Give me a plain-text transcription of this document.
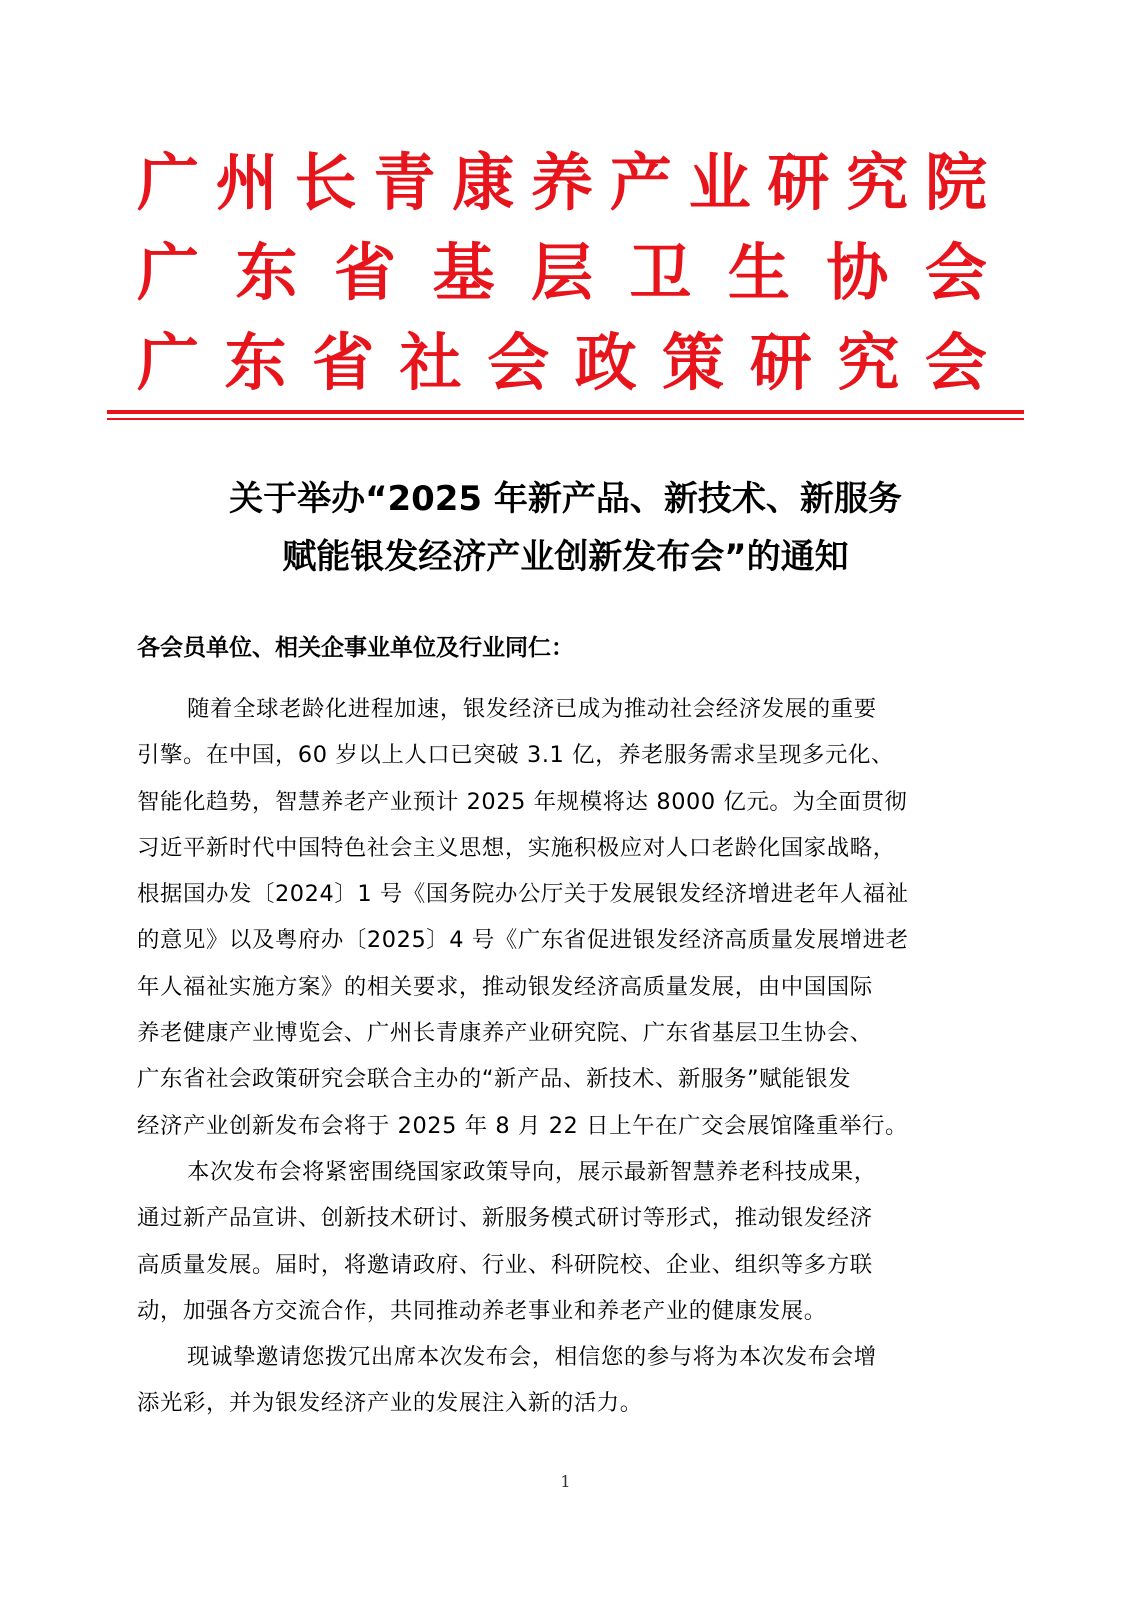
广 州 长 青 康 养 产 业 研 究 院
广 东 省 基 层 卫 生 协 会
广 东 省 社 会 政 策 研 究 会
关于举办“2025 年新产品、新技术、新服务
赋能银发经济产业创新发布会”的通知
各会员单位、相关企事业单位及行业同仁：
随着全球老龄化进程加速，银发经济已成为推动社会经济发展的重要
引擎。在中国，60 岁以上人口已突破 3.1 亿，养老服务需求呈现多元化、
智能化趋势，智慧养老产业预计 2025 年规模将达 8000 亿元。为全面贯彻
习近平新时代中国特色社会主义思想，实施积极应对人口老龄化国家战略，
根据国办发〔2024〕1 号《国务院办公厅关于发展银发经济增进老年人福祉
的意见》以及粤府办〔2025〕4 号《广东省促进银发经济高质量发展增进老
年人福祉实施方案》的相关要求，推动银发经济高质量发展，由中国国际
养老健康产业博览会、广州长青康养产业研究院、广东省基层卫生协会、
广东省社会政策研究会联合主办的“新产品、新技术、新服务”赋能银发
经济产业创新发布会将于 2025 年 8 月 22 日上午在广交会展馆隆重举行。
本次发布会将紧密围绕国家政策导向，展示最新智慧养老科技成果，
通过新产品宣讲、创新技术研讨、新服务模式研讨等形式，推动银发经济
高质量发展。届时，将邀请政府、行业、科研院校、企业、组织等多方联
动，加强各方交流合作，共同推动养老事业和养老产业的健康发展。
现诚挚邀请您拨冗出席本次发布会，相信您的参与将为本次发布会增
添光彩，并为银发经济产业的发展注入新的活力。
1
